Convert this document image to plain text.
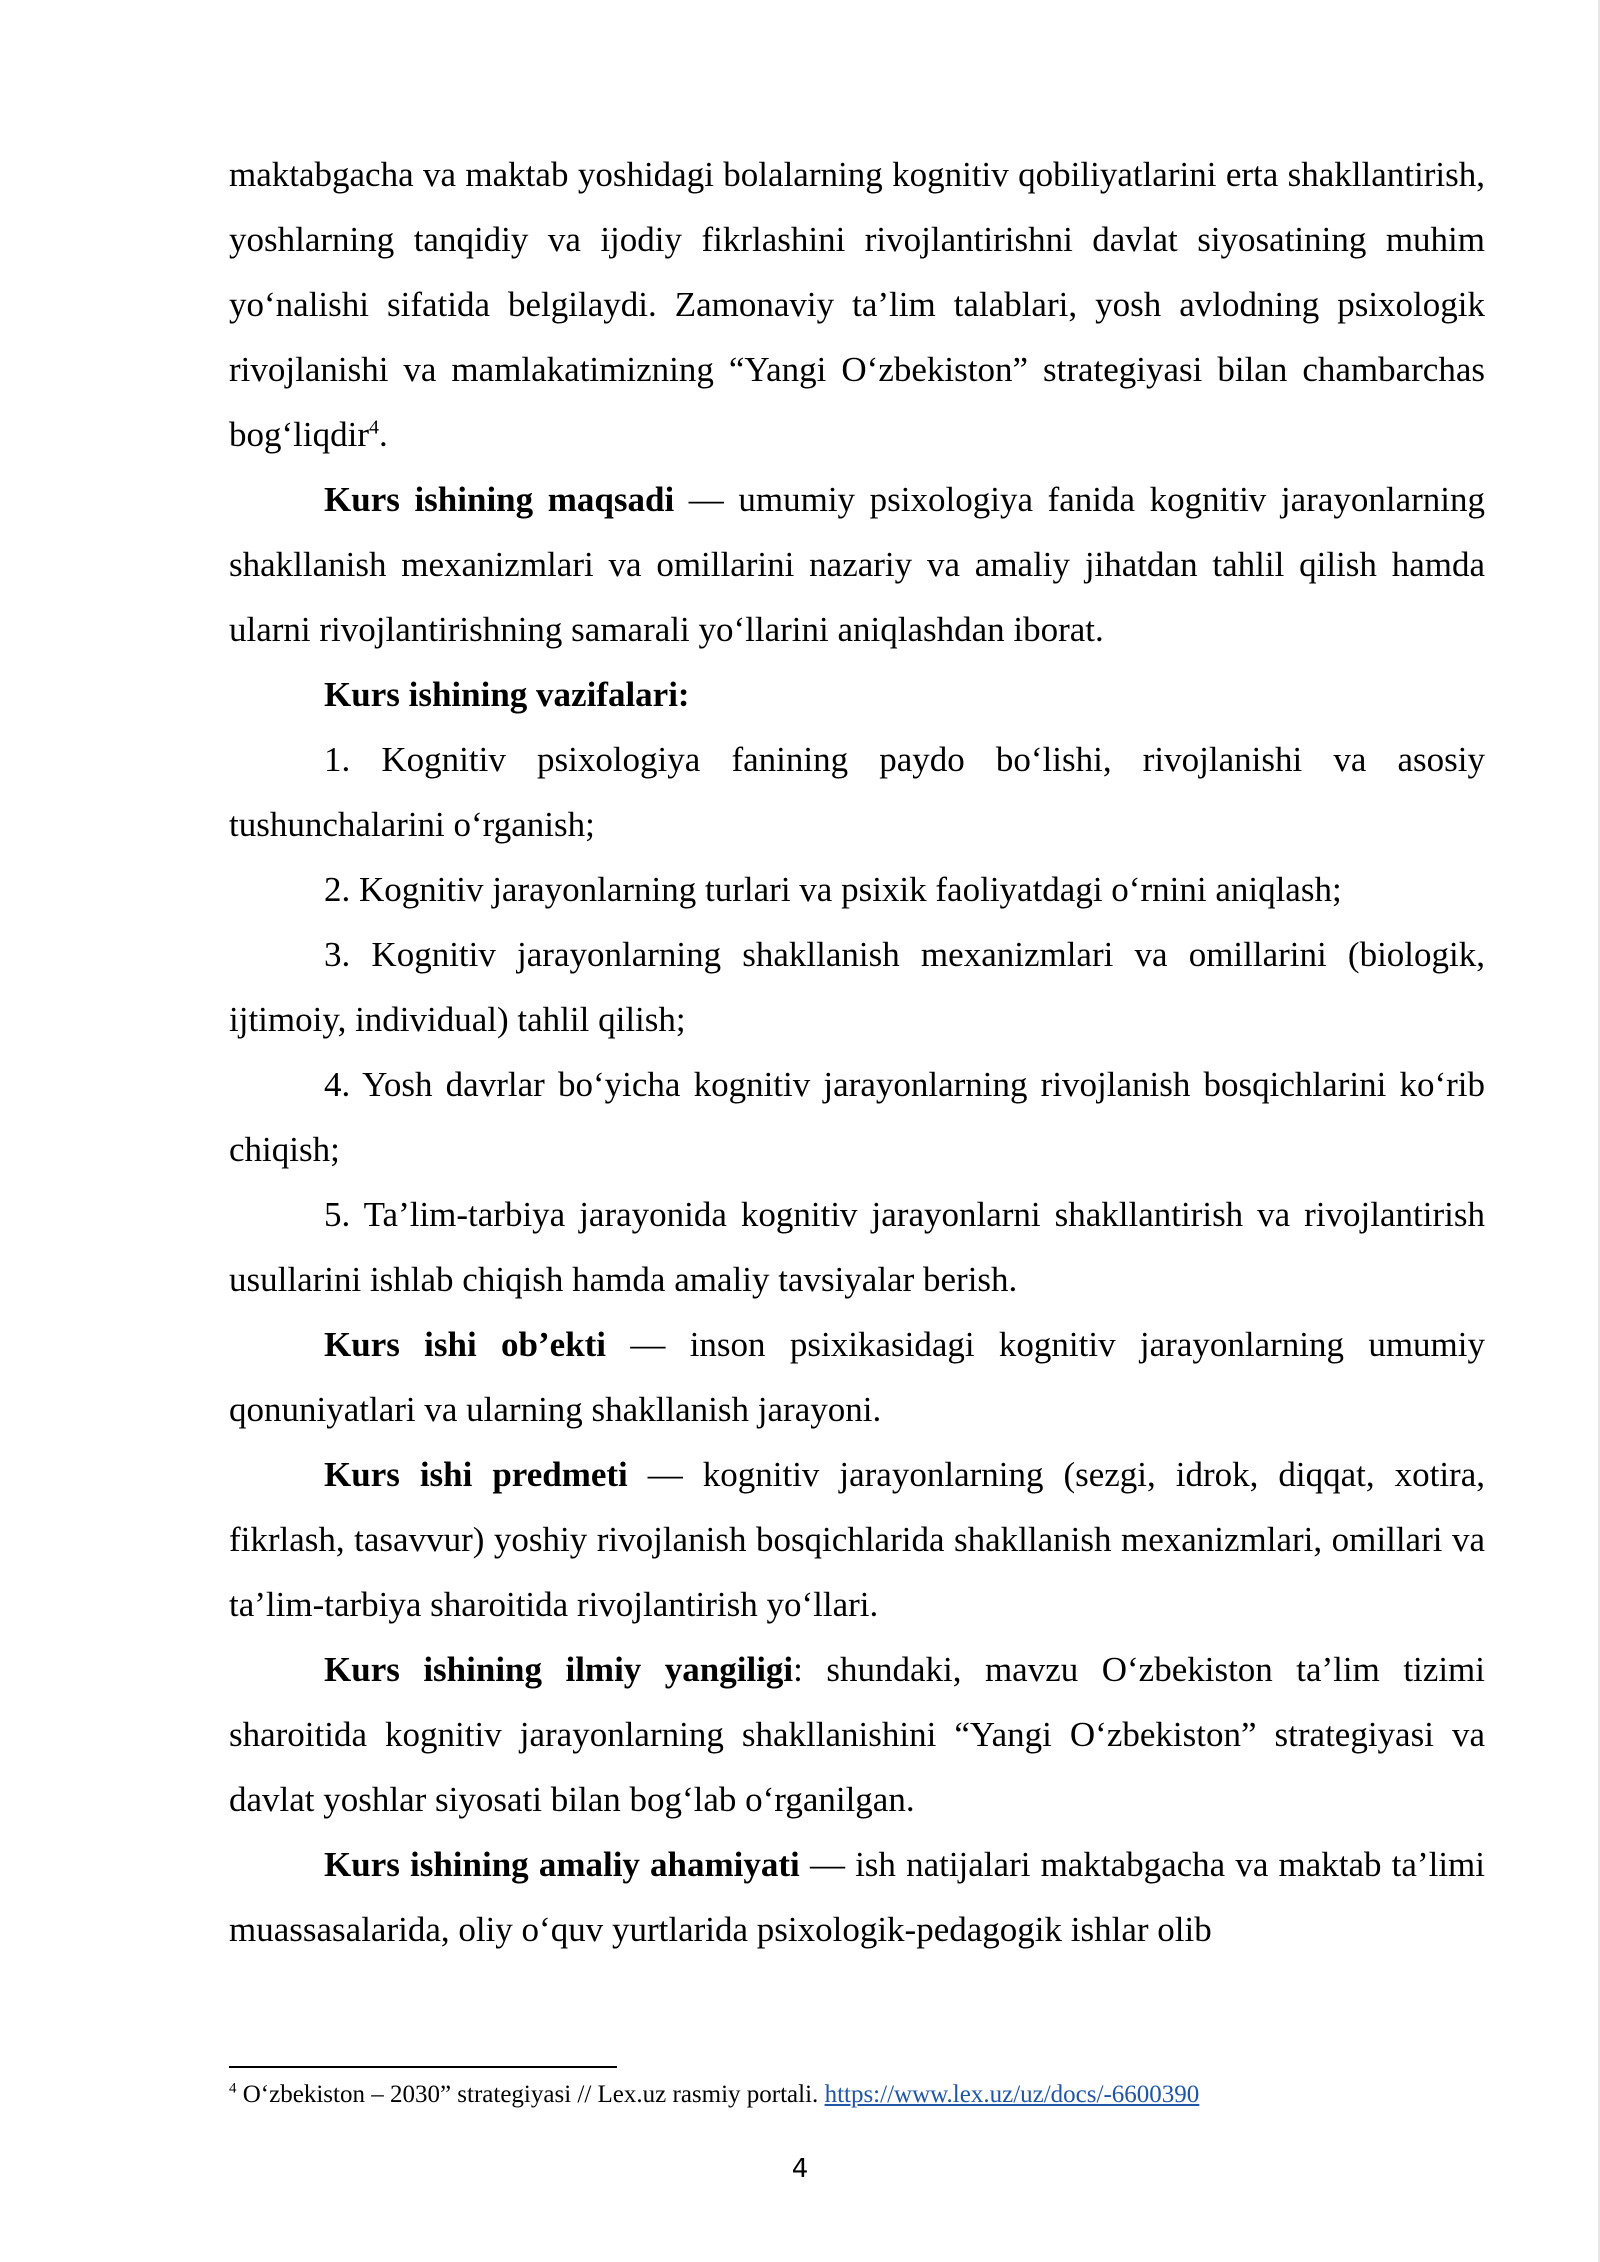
maktabgacha va maktab yoshidagi bolalarning kognitiv qobiliyatlarini erta shakllantirish, yoshlarning tanqidiy va ijodiy fikrlashini rivojlantirishni davlat siyosatining muhim yo‘nalishi sifatida belgilaydi. Zamonaviy ta’lim talablari, yosh avlodning psixologik rivojlanishi va mamlakatimizning “Yangi O‘zbekiston” strategiyasi bilan chambarchas bog‘liqdir$^4$.

Kurs ishining maqsadi — umumiy psixologiya fanida kognitiv jarayonlarning shakllanish mexanizmlari va omillarini nazariy va amaliy jihatdan tahlil qilish hamda ularni rivojlantirishning samarali yo‘llarini aniqlashdan iborat.

Kurs ishining vazifalari:

1. Kognitiv psixologiya fanining paydo bo‘lishi, rivojlanishi va asosiy tushunchalarini o‘rganish;

2. Kognitiv jarayonlarning turlari va psixik faoliyatdagi o‘rnini aniqlash;

3. Kognitiv jarayonlarning shakllanish mexanizmlari va omillarini (biologik, ijtimoiy, individual) tahlil qilish;

4. Yosh davrlar bo‘yicha kognitiv jarayonlarning rivojlanish bosqichlarini ko‘rib chiqish;

5. Ta’lim-tarbiya jarayonida kognitiv jarayonlarni shakllantirish va rivojlantirish usullarini ishlab chiqish hamda amaliy tavsiyalar berish.

Kurs ishi ob’ekti — inson psixikasidagi kognitiv jarayonlarning umumiy qonuniyatlari va ularning shakllanish jarayoni.

Kurs ishi predmeti — kognitiv jarayonlarning (sezgi, idrok, diqqat, xotira, fikrlash, tasavvur) yoshiy rivojlanish bosqichlarida shakllanish mexanizmlari, omillari va ta’lim-tarbiya sharoitida rivojlantirish yo‘llari.

Kurs ishining ilmiy yangiligi: shundaki, mavzu O‘zbekiston ta’lim tizimi sharoitida kognitiv jarayonlarning shakllanishini “Yangi O‘zbekiston” strategiyasi va davlat yoshlar siyosati bilan bog‘lab o‘rganilgan.

Kurs ishining amaliy ahamiyati — ish natijalari maktabgacha va maktab ta’limi muassasalarida, oliy o‘quv yurtlarida psixologik-pedagogik ishlar olib

$^4$ O‘zbekiston – 2030” strategiyasi // Lex.uz rasmiy portali. https://www.lex.uz/uz/docs/-6600390
4
